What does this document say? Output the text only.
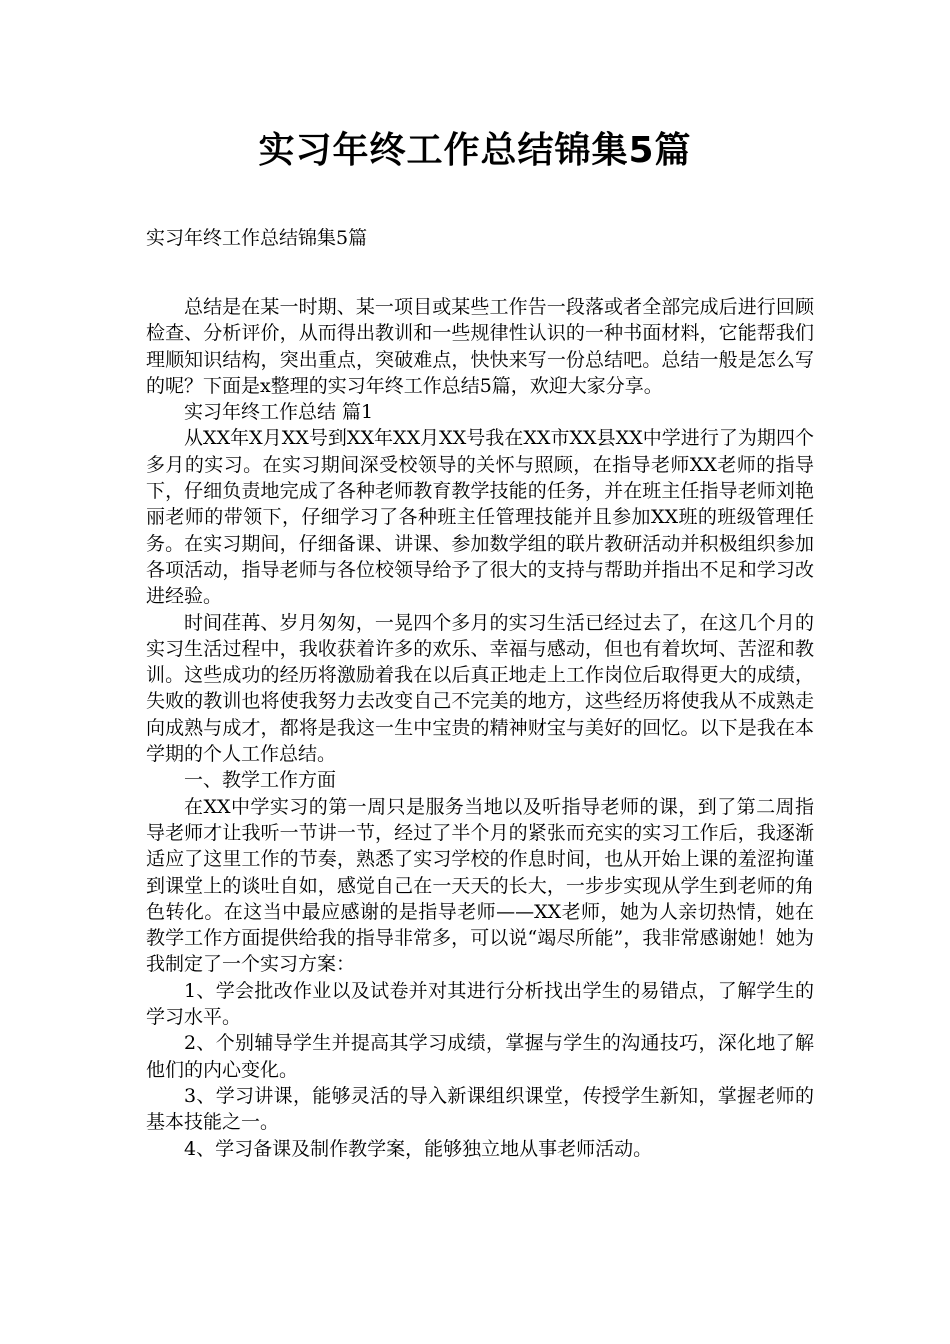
实习年终工作总结锦集5篇
实习年终工作总结锦集5篇

总结是在某一时期、某一项目或某些工作告一段落或者全部完成后进行回顾检查、分析评价，从而得出教训和一些规律性认识的一种书面材料，它能帮我们理顺知识结构，突出重点，突破难点，快快来写一份总结吧。总结一般是怎么写的呢？下面是x整理的实习年终工作总结5篇，欢迎大家分享。

实习年终工作总结 篇1

从XX年X月XX号到XX年XX月XX号我在XX市XX县XX中学进行了为期四个多月的实习。在实习期间深受校领导的关怀与照顾，在指导老师XX老师的指导下，仔细负责地完成了各种老师教育教学技能的任务，并在班主任指导老师刘艳丽老师的带领下，仔细学习了各种班主任管理技能并且参加XX班的班级管理任务。在实习期间，仔细备课、讲课、参加数学组的联片教研活动并积极组织参加各项活动，指导老师与各位校领导给予了很大的支持与帮助并指出不足和学习改进经验。

时间荏苒、岁月匆匆，一晃四个多月的实习生活已经过去了，在这几个月的实习生活过程中，我收获着许多的欢乐、幸福与感动，但也有着坎坷、苦涩和教训。这些成功的经历将激励着我在以后真正地走上工作岗位后取得更大的成绩，失败的教训也将使我努力去改变自己不完美的地方，这些经历将使我从不成熟走向成熟与成才，都将是我这一生中宝贵的精神财宝与美好的回忆。以下是我在本学期的个人工作总结。

一、教学工作方面

在XX中学实习的第一周只是服务当地以及听指导老师的课，到了第二周指导老师才让我听一节讲一节，经过了半个月的紧张而充实的实习工作后，我逐渐适应了这里工作的节奏，熟悉了实习学校的作息时间，也从开始上课的羞涩拘谨到课堂上的谈吐自如，感觉自己在一天天的长大，一步步实现从学生到老师的角色转化。在这当中最应感谢的是指导老师——XX老师，她为人亲切热情，她在教学工作方面提供给我的指导非常多，可以说“竭尽所能”，我非常感谢她！她为我制定了一个实习方案：

1、学会批改作业以及试卷并对其进行分析找出学生的易错点，了解学生的学习水平。

2、个别辅导学生并提高其学习成绩，掌握与学生的沟通技巧，深化地了解他们的内心变化。

3、学习讲课，能够灵活的导入新课组织课堂，传授学生新知，掌握老师的基本技能之一。

4、学习备课及制作教学案，能够独立地从事老师活动。
